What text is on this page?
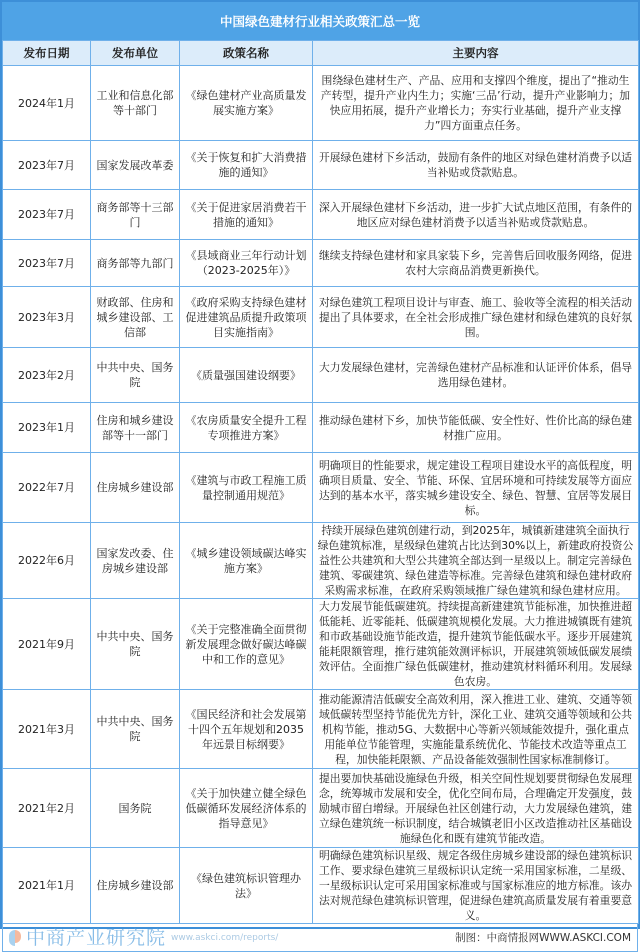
中国绿色建材行业相关政策汇总一览
发布日期	发布单位	政策名称	主要内容
2024年1月	工业和信息化部等十部门	《绿色建材产业高质量发展实施方案》	围绕绿色建材生产、产品、应用和支撑四个维度，提出了“推动生产转型，提升产业内生力；实施‘三品’行动，提升产业影响力；加快应用拓展，提升产业增长力；夯实行业基础，提升产业支撑力”四方面重点任务。
2023年7月	国家发展改革委	《关于恢复和扩大消费措施的通知》	开展绿色建材下乡活动，鼓励有条件的地区对绿色建材消费予以适当补贴或贷款贴息。
2023年7月	商务部等十三部门	《关于促进家居消费若干措施的通知》	深入开展绿色建材下乡活动，进一步扩大试点地区范围，有条件的地区应对绿色建材消费予以适当补贴或贷款贴息。
2023年7月	商务部等九部门	《县域商业三年行动计划（2023-2025年）》	继续支持绿色建材和家具家装下乡，完善售后回收服务网络，促进农村大宗商品消费更新换代。
2023年3月	财政部、住房和城乡建设部、工信部	《政府采购支持绿色建材促进建筑品质提升政策项目实施指南》	对绿色建筑工程项目设计与审查、施工、验收等全流程的相关活动提出了具体要求，在全社会形成推广绿色建材和绿色建筑的良好氛围。
2023年2月	中共中央、国务院	《质量强国建设纲要》	大力发展绿色建材，完善绿色建材产品标准和认证评价体系，倡导选用绿色建材。
2023年1月	住房和城乡建设部等十一部门	《农房质量安全提升工程专项推进方案》	推动绿色建材下乡，加快节能低碳、安全性好、性价比高的绿色建材推广应用。
2022年7月	住房城乡建设部	《建筑与市政工程施工质量控制通用规范》	明确项目的性能要求，规定建设工程项目建设水平的高低程度，明确项目质量、安全、节能、环保、宜居环境和可持续发展等方面应达到的基本水平，落实城乡建设安全、绿色、智慧、宜居等发展目标。
2022年6月	国家发改委、住房城乡建设部	《城乡建设领域碳达峰实施方案》	持续开展绿色建筑创建行动，到2025年，城镇新建建筑全面执行绿色建筑标准，星级绿色建筑占比达到30%以上，新建政府投资公益性公共建筑和大型公共建筑全部达到一星级以上。制定完善绿色建筑、零碳建筑、绿色建造等标准。完善绿色建筑和绿色建材政府采购需求标准，在政府采购领域推广绿色建筑和绿色建材应用。
2021年9月	中共中央、国务院	《关于完整准确全面贯彻新发展理念做好碳达峰碳中和工作的意见》	大力发展节能低碳建筑。持续提高新建建筑节能标准，加快推进超低能耗、近零能耗、低碳建筑规模化发展。大力推进城镇既有建筑和市政基础设施节能改造，提升建筑节能低碳水平。逐步开展建筑能耗限额管理，推行建筑能效测评标识，开展建筑领域低碳发展绩效评估。全面推广绿色低碳建材，推动建筑材料循环利用。发展绿色农房。
2021年3月	中共中央、国务院	《国民经济和社会发展第十四个五年规划和2035年远景目标纲要》	推动能源清洁低碳安全高效利用，深入推进工业、建筑、交通等领域低碳转型坚持节能优先方针，深化工业、建筑交通等领域和公共机构节能，推动5G、大数据中心等新兴领域能效提升，强化重点用能单位节能管理，实施能量系统优化、节能技术改造等重点工程，加快能耗限额、产品设备能效强制性国家标准制修订。
2021年2月	国务院	《关于加快建立健全绿色低碳循环发展经济体系的指导意见》	提出要加快基础设施绿色升级，相关空间性规划要贯彻绿色发展理念，统筹城市发展和安全，优化空间布局，合理确定开发强度，鼓励城市留白增绿。开展绿色社区创建行动，大力发展绿色建筑，建立绿色建筑统一标识制度，结合城镇老旧小区改造推动社区基础设施绿色化和既有建筑节能改造。
2021年1月	住房城乡建设部	《绿色建筑标识管理办法》	明确绿色建筑标识星级、规定各级住房城乡建设部的绿色建筑标识工作、要求绿色建筑三星级标识认定统一采用国家标准，二星级、一星级标识认定可采用国家标准或与国家标准应的地方标准。该办法对规范绿色建筑标识管理，促进绿色建筑高质量发展有着重要意义。
中商产业研究院 www.askci.com/reports/	制图：中商情报网WWW.ASKCI.COM
